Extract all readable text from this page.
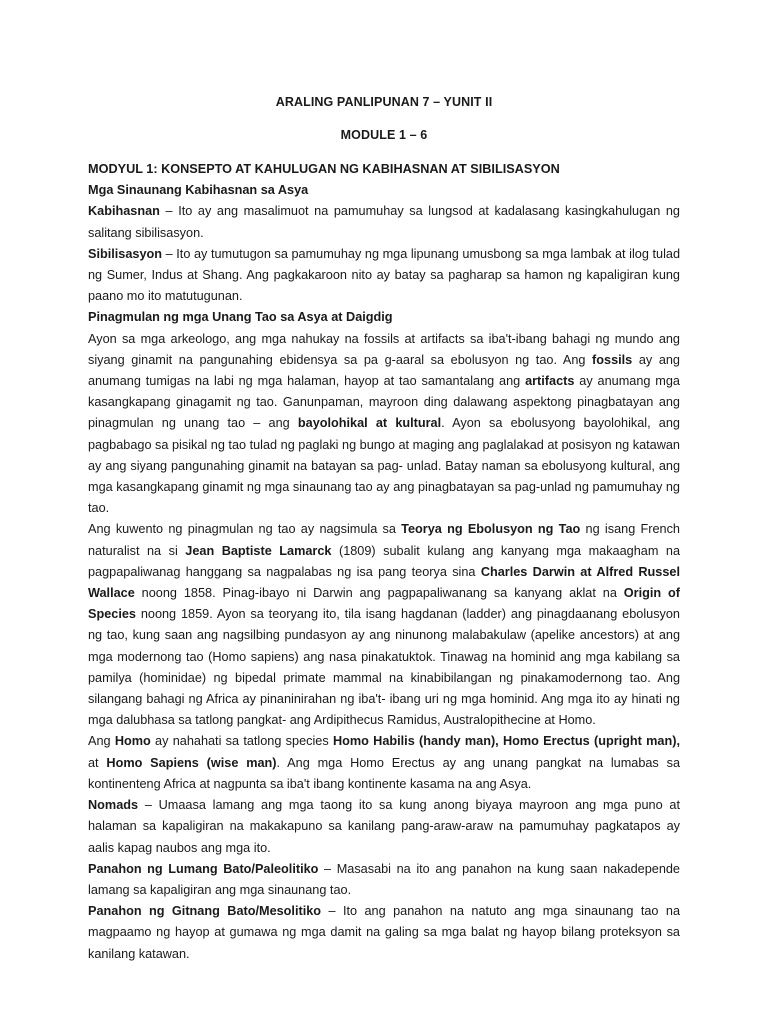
ARALING PANLIPUNAN 7 – YUNIT II
MODULE 1 – 6

MODYUL 1: KONSEPTO AT KAHULUGAN NG KABIHASNAN AT SIBILISASYON

Mga Sinaunang Kabihasnan sa Asya

Kabihasnan – Ito ay ang masalimuot na pamumuhay sa lungsod at kadalasang kasingkahulugan ng salitang sibilisasyon.

Sibilisasyon – Ito ay tumutugon sa pamumuhay ng mga lipunang umusbong sa mga lambak at ilog tulad ng Sumer, Indus at Shang. Ang pagkakaroon nito ay batay sa pagharap sa hamon ng kapaligiran kung paano mo ito matutugunan.

Pinagmulan ng mga Unang Tao sa Asya at Daigdig

Ayon sa mga arkeologo, ang mga nahukay na fossils at artifacts sa iba't-ibang bahagi ng mundo ang siyang ginamit na pangunahing ebidensya sa pa g-aaral sa ebolusyon ng tao. Ang fossils ay ang anumang tumigas na labi ng mga halaman, hayop at tao samantalang ang artifacts ay anumang mga kasangkapang ginagamit ng tao. Ganunpaman, mayroon ding dalawang aspektong pinagbatayan ang pinagmulan ng unang tao – ang bayolohikal at kultural. Ayon sa ebolusyong bayolohikal, ang pagbabago sa pisikal ng tao tulad ng paglaki ng bungo at maging ang paglalakad at posisyon ng katawan ay ang siyang pangunahing ginamit na batayan sa pag- unlad. Batay naman sa ebolusyong kultural, ang mga kasangkapang ginamit ng mga sinaunang tao ay ang pinagbatayan sa pag-unlad ng pamumuhay ng tao.

Ang kuwento ng pinagmulan ng tao ay nagsimula sa Teorya ng Ebolusyon ng Tao ng isang French naturalist na si Jean Baptiste Lamarck (1809) subalit kulang ang kanyang mga makaagham na pagpapaliwanag hanggang sa nagpalabas ng isa pang teorya sina Charles Darwin at Alfred Russel Wallace noong 1858. Pinag-ibayo ni Darwin ang pagpapaliwanang sa kanyang aklat na Origin of Species noong 1859. Ayon sa teoryang ito, tila isang hagdanan (ladder) ang pinagdaanang ebolusyon ng tao, kung saan ang nagsilbing pundasyon ay ang ninunong malabakulaw (apelike ancestors) at ang mga modernong tao (Homo sapiens) ang nasa pinakatuktok. Tinawag na hominid ang mga kabilang sa pamilya (hominidae) ng bipedal primate mammal na kinabibilangan ng pinakamodernong tao. Ang silangang bahagi ng Africa ay pinaninirahan ng iba't- ibang uri ng mga hominid. Ang mga ito ay hinati ng mga dalubhasa sa tatlong pangkat- ang Ardipithecus Ramidus, Australopithecine at Homo.

Ang Homo ay nahahati sa tatlong species Homo Habilis (handy man), Homo Erectus (upright man), at Homo Sapiens (wise man). Ang mga Homo Erectus ay ang unang pangkat na lumabas sa kontinenteng Africa at nagpunta sa iba't ibang kontinente kasama na ang Asya.

Nomads – Umaasa lamang ang mga taong ito sa kung anong biyaya mayroon ang mga puno at halaman sa kapaligiran na makakapuno sa kanilang pang-araw-araw na pamumuhay pagkatapos ay aalis kapag naubos ang mga ito.

Panahon ng Lumang Bato/Paleolitiko – Masasabi na ito ang panahon na kung saan nakadepende lamang sa kapaligiran ang mga sinaunang tao.

Panahon ng Gitnang Bato/Mesolitiko – Ito ang panahon na natuto ang mga sinaunang tao na magpaamo ng hayop at gumawa ng mga damit na galing sa mga balat ng hayop bilang proteksyon sa kanilang katawan.
